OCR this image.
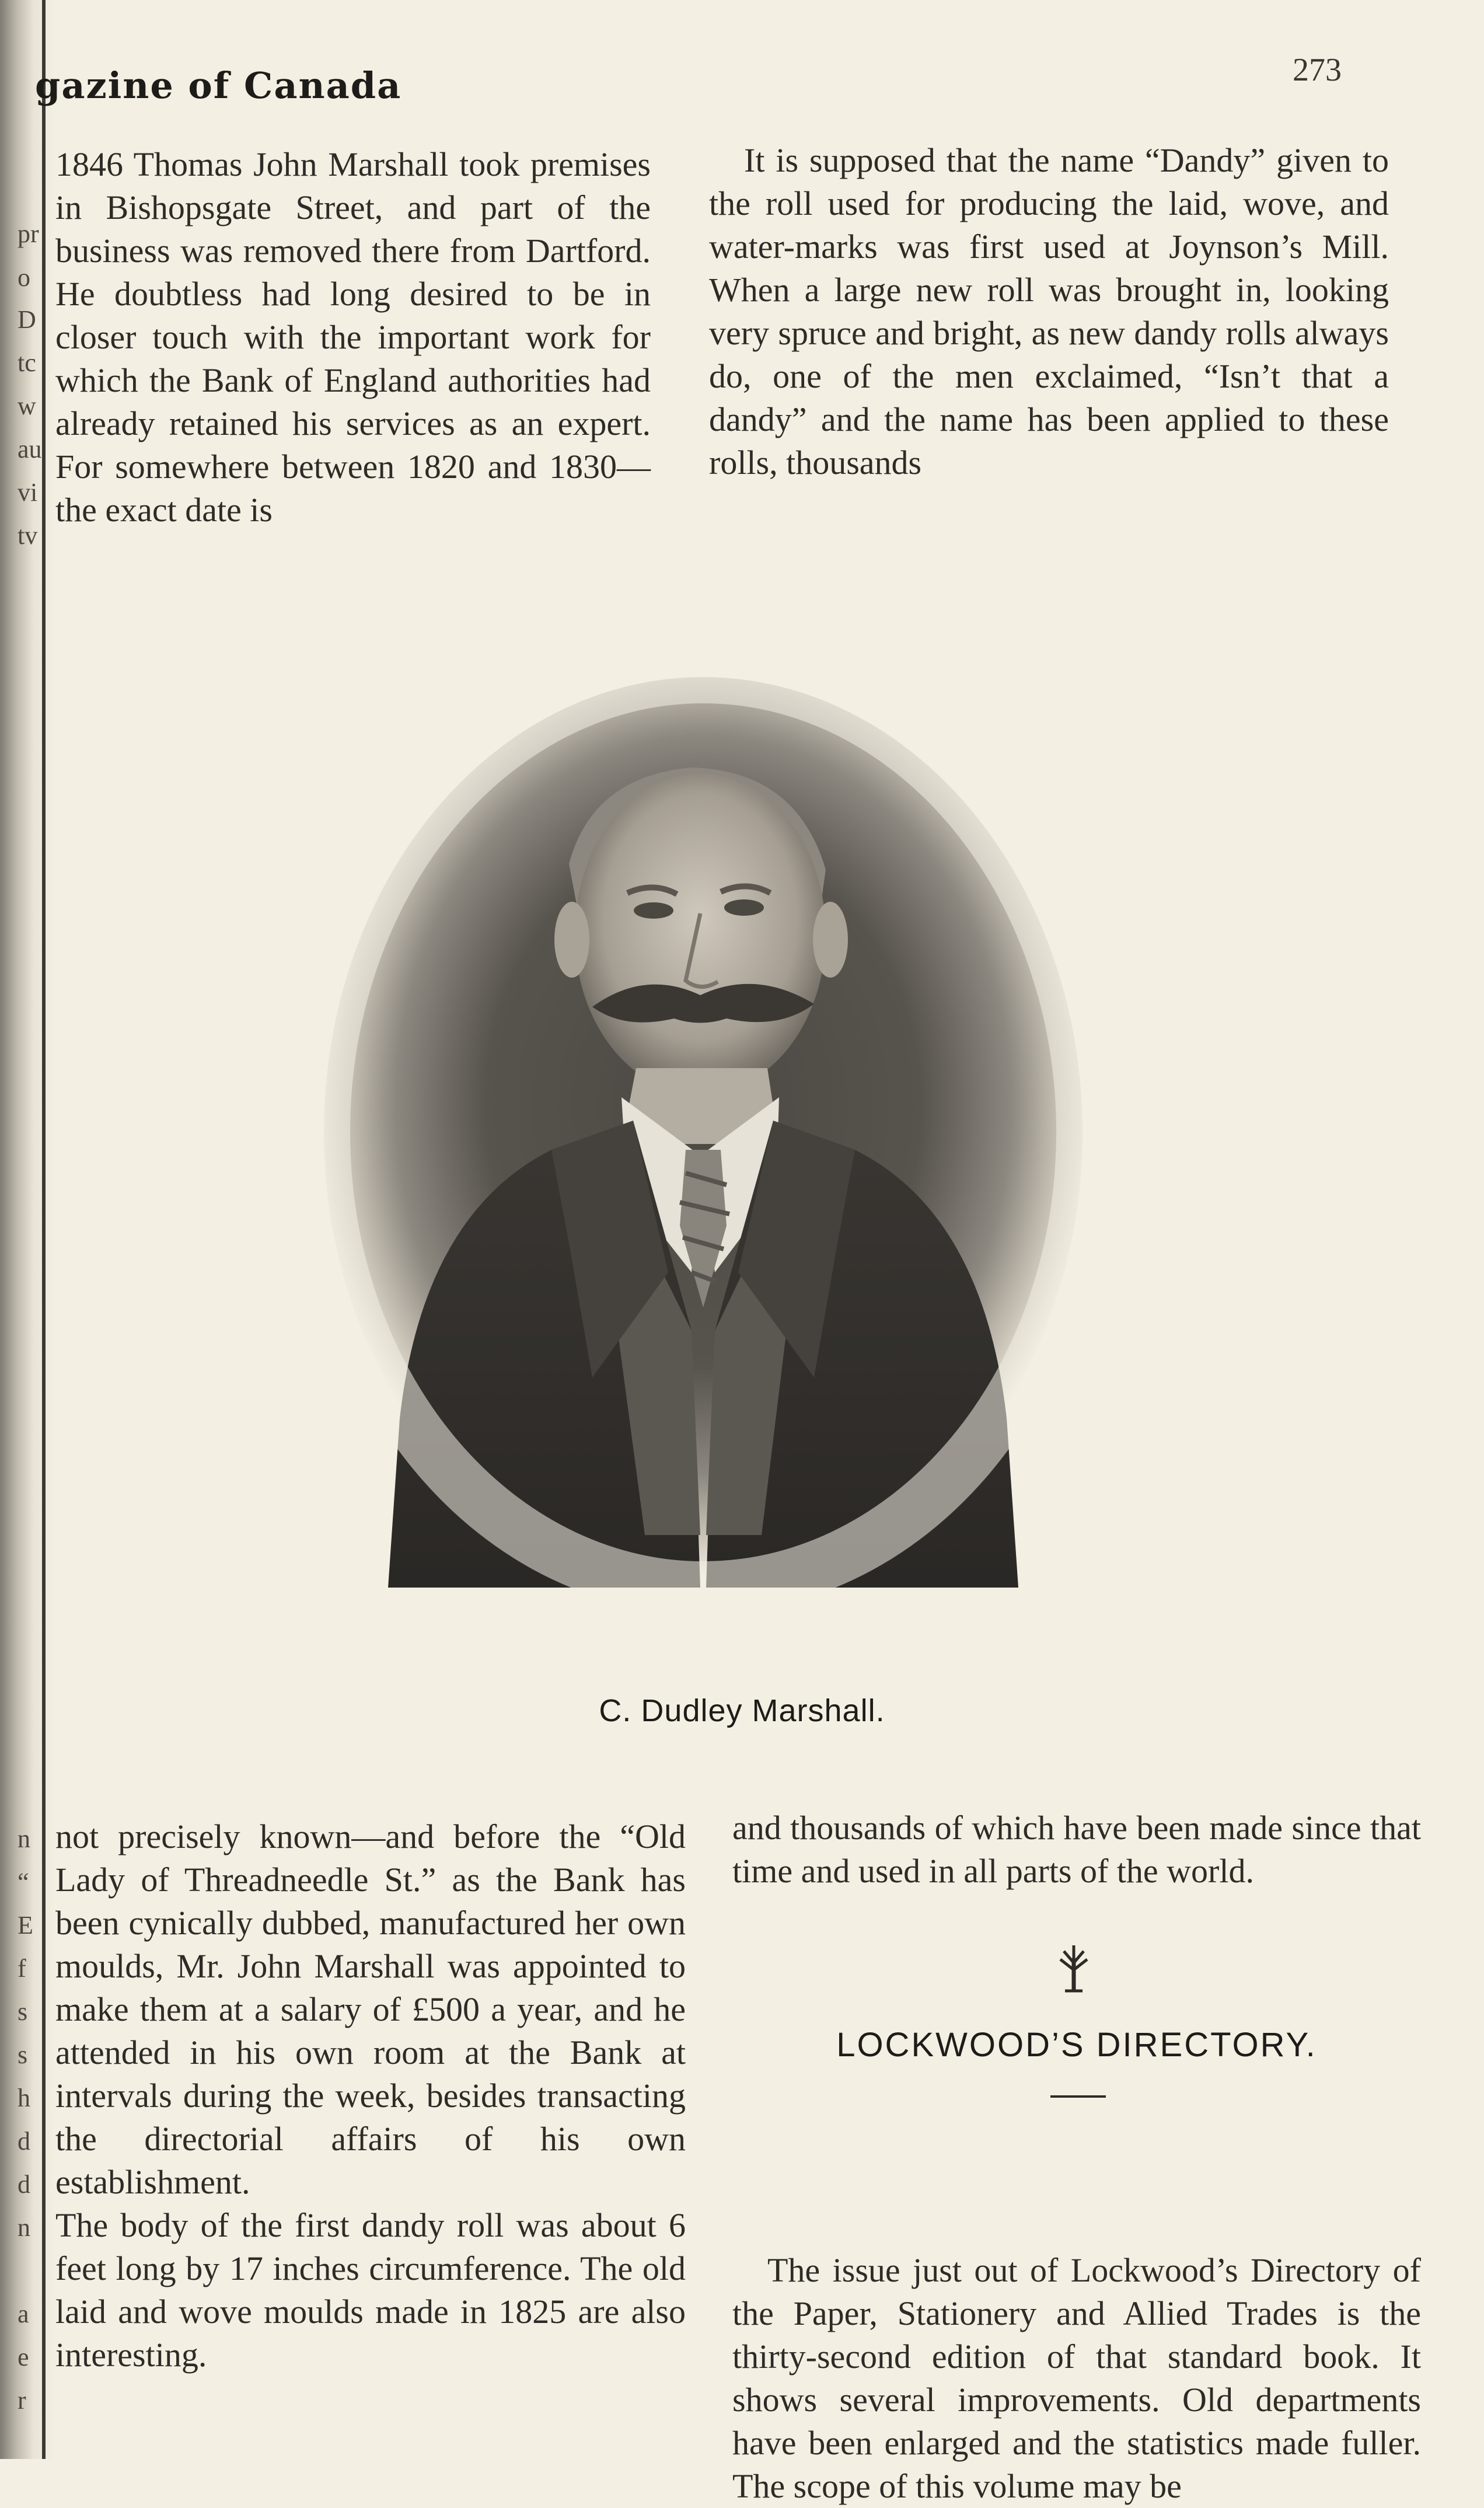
pr
o
D
tc
w
au
vi
tv
n
“
E
f
s
s
h
d
d
n
a
e
r
gazine of Canada	273

1846 Thomas John Marshall took premises in Bishopsgate Street, and part of the business was removed there from Dartford. He doubtless had long desired to be in closer touch with the important work for which the Bank of England authorities had already retained his services as an expert. For somewhere between 1820 and 1830—the exact date is

It is supposed that the name “Dandy” given to the roll used for producing the laid, wove, and water-marks was first used at Joynson’s Mill. When a large new roll was brought in, looking very spruce and bright, as new dandy rolls always do, one of the men exclaimed, “Isn’t that a dandy” and the name has been applied to these rolls, thousands

C. Dudley Marshall.

not precisely known—and before the “Old Lady of Threadneedle St.” as the Bank has been cynically dubbed, manufactured her own moulds, Mr. John Marshall was appointed to make them at a salary of £500 a year, and he attended in his own room at the Bank at intervals during the week, besides transacting the directorial affairs of his own establishment.

The body of the first dandy roll was about 6 feet long by 17 inches circumference. The old laid and wove moulds made in 1825 are also interesting.

and thousands of which have been made since that time and used in all parts of the world.

The issue just out of Lockwood’s Directory of the Paper, Stationery and Allied Trades is the thirty-second edition of that standard book. It shows several improvements. Old departments have been enlarged and the statistics made fuller. The scope of this volume may be

LOCKWOOD’S DIRECTORY.
